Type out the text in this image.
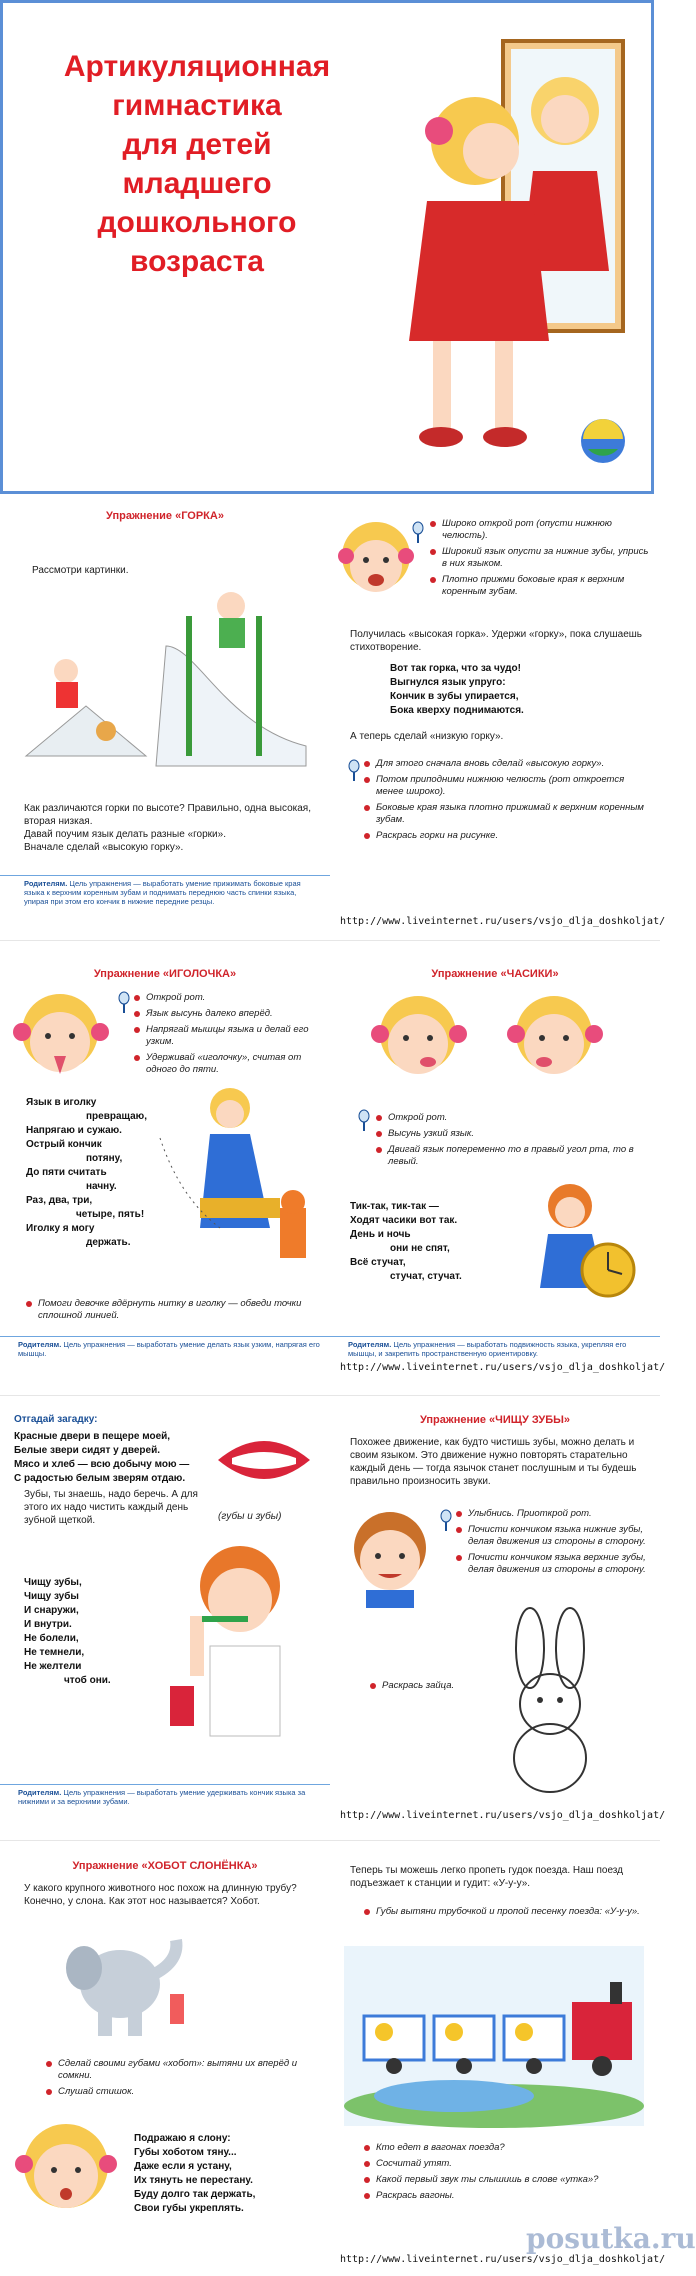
Артикуляционная
гимнастика
для детей
младшего
дошкольного
возраста
Упражнение «ГОРКА»
Рассмотри картинки.
Как различаются горки по высоте? Правильно, одна высокая, вторая низкая.
Давай поучим язык делать разные «горки».
Вначале сделай «высокую горку».
Родителям. Цель упражнения — выработать умение прижимать боковые края языка к верхним коренным зубам и поднимать переднюю часть спинки языка, упирая при этом его кончик в нижние передние резцы.
Широко открой рот (опусти нижнюю челюсть).
Широкий язык опусти за нижние зубы, упрись в них языком.
Плотно прижми боковые края к верхним коренным зубам.
Получилась «высокая горка». Удержи «горку», пока слушаешь стихотворение.
Вот так горка, что за чудо!
Выгнулся язык упруго:
Кончик в зубы упирается,
Бока кверху поднимаются.
А теперь сделай «низкую горку».
Для этого сначала вновь сделай «высокую горку».
Потом приподними нижнюю челюсть (рот откроется менее широко).
Боковые края языка плотно прижимай к верхним коренным зубам.
Раскрась горки на рисунке.
http://www.liveinternet.ru/users/vsjo_dlja_doshkoljat/
Упражнение «ИГОЛОЧКА»
Открой рот.
Язык высунь далеко вперёд.
Напрягай мышцы языка и делай его узким.
Удерживай «иголочку», считая от одного до пяти.
Язык в иголку
превращаю,
Напрягаю и сужаю.
Острый кончик
потяну,
До пяти считать
начну.
Раз, два, три,
четыре, пять!
Иголку я могу
держать.
Помоги девочке вдёрнуть нитку в иголку — обведи точки сплошной линией.
Родителям. Цель упражнения — выработать умение делать язык узким, напрягая его мышцы.
Упражнение «ЧАСИКИ»
Открой рот.
Высунь узкий язык.
Двигай язык попеременно то в правый угол рта, то в левый.
Тик-так, тик-так —
Ходят часики вот так.
День и ночь
они не спят,
Всё стучат,
стучат, стучат.
Родителям. Цель упражнения — выработать подвижность языка, укрепляя его мышцы, и закрепить пространственную ориентировку.
http://www.liveinternet.ru/users/vsjo_dlja_doshkoljat/
Отгадай загадку:
Красные двери в пещере моей,
Белые звери сидят у дверей.
Мясо и хлеб — всю добычу мою —
С радостью белым зверям отдаю.
(губы и зубы)
Зубы, ты знаешь, надо беречь. А для этого их надо чистить каждый день зубной щеткой.
Чищу зубы,
Чищу зубы
И снаружи,
И внутри.
Не болели,
Не темнели,
Не желтели
чтоб они.
Родителям. Цель упражнения — выработать умение удерживать кончик языка за нижними и за верхними зубами.
Упражнение «ЧИЩУ ЗУБЫ»
Похожее движение, как будто чистишь зубы, можно делать и своим языком. Это движение нужно повторять старательно каждый день — тогда язычок станет послушным и ты будешь правильно произносить звуки.
Улыбнись. Приоткрой рот.
Почисти кончиком языка нижние зубы, делая движения из стороны в сторону.
Почисти кончиком языка верхние зубы, делая движения из стороны в сторону.
Раскрась зайца.
http://www.liveinternet.ru/users/vsjo_dlja_doshkoljat/
Упражнение «ХОБОТ СЛОНЁНКА»
У какого крупного животного нос похож на длинную трубу? Конечно, у слона. Как этот нос называется? Хобот.
Сделай своими губами «хобот»: вытяни их вперёд и сомкни.
Слушай стишок.
Подражаю я слону:
Губы хоботом тяну...
Даже если я устану,
Их тянуть не перестану.
Буду долго так держать,
Свои губы укреплять.
Теперь ты можешь легко пропеть гудок поезда. Наш поезд подъезжает к станции и гудит: «У-у-у».
Губы вытяни трубочкой и пропой песенку поезда: «У-у-у».
Кто едет в вагонах поезда?
Сосчитай утят.
Какой первый звук ты слышишь в слове «утка»?
Раскрась вагоны.
http://www.liveinternet.ru/users/vsjo_dlja_doshkoljat/
posutka.ru
